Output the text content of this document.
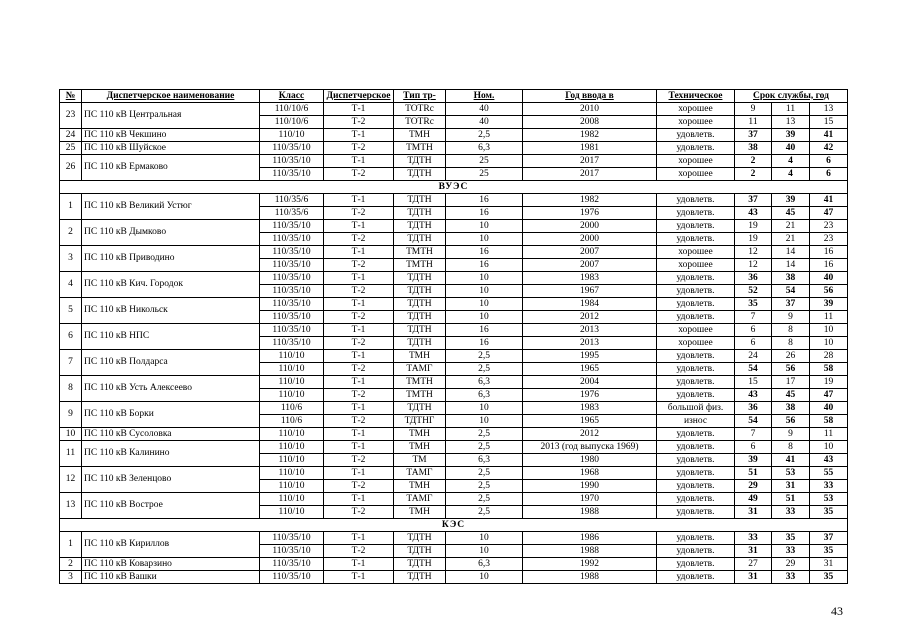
№	Диспетчерское наименование	Класс	Диспетчерское	Тип тр-	Ном.	Год ввода в	Техническое	Срок службы, год		
23	ПС 110 кВ Центральная	110/10/6	Т-1	TOTRc	40	2010	хорошее	9	11	13
		110/10/6	Т-2	TOTRc	40	2008	хорошее	11	13	15
24	ПС 110 кВ Чекшино	110/10	Т-1	ТМН	2,5	1982	удовлетв.	37	39	41
25	ПС 110 кВ Шуйское	110/35/10	Т-2	ТМТН	6,3	1981	удовлетв.	38	40	42
26	ПС 110 кВ Ермаково	110/35/10	Т-1	ТДТН	25	2017	хорошее	2	4	6
		110/35/10	Т-2	ТДТН	25	2017	хорошее	2	4	6
ВУЭС										
1	ПС 110 кВ Великий Устюг	110/35/6	Т-1	ТДТН	16	1982	удовлетв.	37	39	41
		110/35/6	Т-2	ТДТН	16	1976	удовлетв.	43	45	47
2	ПС 110 кВ Дымково	110/35/10	Т-1	ТДТН	10	2000	удовлетв.	19	21	23
		110/35/10	Т-2	ТДТН	10	2000	удовлетв.	19	21	23
3	ПС 110 кВ Приводино	110/35/10	Т-1	ТМТН	16	2007	хорошее	12	14	16
		110/35/10	Т-2	ТМТН	16	2007	хорошее	12	14	16
4	ПС 110 кВ Кич. Городок	110/35/10	Т-1	ТДТН	10	1983	удовлетв.	36	38	40
		110/35/10	Т-2	ТДТН	10	1967	удовлетв.	52	54	56
5	ПС 110 кВ Никольск	110/35/10	Т-1	ТДТН	10	1984	удовлетв.	35	37	39
		110/35/10	Т-2	ТДТН	10	2012	удовлетв.	7	9	11
6	ПС 110 кВ НПС	110/35/10	Т-1	ТДТН	16	2013	хорошее	6	8	10
		110/35/10	Т-2	ТДТН	16	2013	хорошее	6	8	10
7	ПС 110 кВ Полдарса	110/10	Т-1	ТМН	2,5	1995	удовлетв.	24	26	28
		110/10	Т-2	ТАМГ	2,5	1965	удовлетв.	54	56	58
8	ПС 110 кВ Усть Алексеево	110/10	Т-1	ТМТН	6,3	2004	удовлетв.	15	17	19
		110/10	Т-2	ТМТН	6,3	1976	удовлетв.	43	45	47
9	ПС 110 кВ Борки	110/6	Т-1	ТДТН	10	1983	большой физ.	36	38	40
		110/6	Т-2	ТДТНГ	10	1965	износ	54	56	58
10	ПС 110 кВ Сусоловка	110/10	Т-1	ТМН	2,5	2012	удовлетв.	7	9	11
11	ПС 110 кВ Калинино	110/10	Т-1	ТМН	2,5	2013 (год выпуска 1969)	удовлетв.	6	8	10
		110/10	Т-2	ТМ	6,3	1980	удовлетв.	39	41	43
12	ПС 110 кВ Зеленцово	110/10	Т-1	ТАМГ	2,5	1968	удовлетв.	51	53	55
		110/10	Т-2	ТМН	2,5	1990	удовлетв.	29	31	33
13	ПС 110 кВ Вострое	110/10	Т-1	ТАМГ	2,5	1970	удовлетв.	49	51	53
		110/10	Т-2	ТМН	2,5	1988	удовлетв.	31	33	35
КЭС										
1	ПС 110 кВ Кириллов	110/35/10	Т-1	ТДТН	10	1986	удовлетв.	33	35	37
		110/35/10	Т-2	ТДТН	10	1988	удовлетв.	31	33	35
2	ПС 110 кВ Коварзино	110/35/10	Т-1	ТДТН	6,3	1992	удовлетв.	27	29	31
3	ПС 110 кВ Вашки	110/35/10	Т-1	ТДТН	10	1988	удовлетв.	31	33	35
43
